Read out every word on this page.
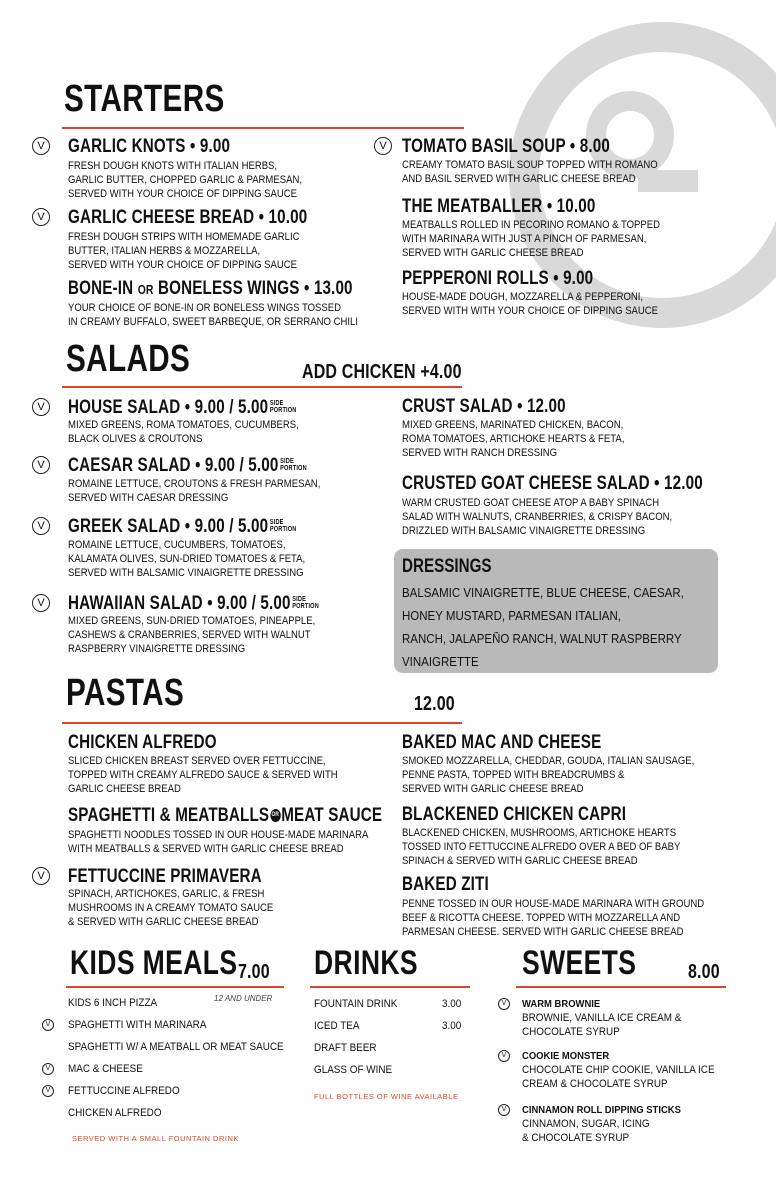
STARTERS
V GARLIC KNOTS • 9.00
FRESH DOUGH KNOTS WITH ITALIAN HERBS,
GARLIC BUTTER, CHOPPED GARLIC & PARMESAN,
SERVED WITH YOUR CHOICE OF DIPPING SAUCE
V GARLIC CHEESE BREAD • 10.00
FRESH DOUGH STRIPS WITH HOMEMADE GARLIC
BUTTER, ITALIAN HERBS & MOZZARELLA,
SERVED WITH YOUR CHOICE OF DIPPING SAUCE
BONE-IN OR BONELESS WINGS • 13.00
YOUR CHOICE OF BONE-IN OR BONELESS WINGS TOSSED
IN CREAMY BUFFALO, SWEET BARBEQUE, OR SERRANO CHILI
V TOMATO BASIL SOUP • 8.00
CREAMY TOMATO BASIL SOUP TOPPED WITH ROMANO
AND BASIL SERVED WITH GARLIC CHEESE BREAD
THE MEATBALLER • 10.00
MEATBALLS ROLLED IN PECORINO ROMANO & TOPPED
WITH MARINARA WITH JUST A PINCH OF PARMESAN,
SERVED WITH GARLIC CHEESE BREAD
PEPPERONI ROLLS • 9.00
HOUSE-MADE DOUGH, MOZZARELLA & PEPPERONI,
SERVED WITH WITH YOUR CHOICE OF DIPPING SAUCE
SALADS	ADD CHICKEN +4.00
V HOUSE SALAD • 9.00 / 5.00 SIDE
PORTION
MIXED GREENS, ROMA TOMATOES, CUCUMBERS,
BLACK OLIVES & CROUTONS
V CAESAR SALAD • 9.00 / 5.00 SIDE
PORTION
ROMAINE LETTUCE, CROUTONS & FRESH PARMESAN,
SERVED WITH CAESAR DRESSING
V GREEK SALAD • 9.00 / 5.00 SIDE
PORTION
ROMAINE LETTUCE, CUCUMBERS, TOMATOES,
KALAMATA OLIVES, SUN-DRIED TOMATOES & FETA,
SERVED WITH BALSAMIC VINAIGRETTE DRESSING
V HAWAIIAN SALAD • 9.00 / 5.00 SIDE
PORTION
MIXED GREENS, SUN-DRIED TOMATOES, PINEAPPLE,
CASHEWS & CRANBERRIES, SERVED WITH WALNUT
RASPBERRY VINAIGRETTE DRESSING
CRUST SALAD • 12.00
MIXED GREENS, MARINATED CHICKEN, BACON,
ROMA TOMATOES, ARTICHOKE HEARTS & FETA,
SERVED WITH RANCH DRESSING
CRUSTED GOAT CHEESE SALAD • 12.00
WARM CRUSTED GOAT CHEESE ATOP A BABY SPINACH
SALAD WITH WALNUTS, CRANBERRIES, & CRISPY BACON,
DRIZZLED WITH BALSAMIC VINAIGRETTE DRESSING
DRESSINGS
BALSAMIC VINAIGRETTE, BLUE CHEESE, CAESAR,
HONEY MUSTARD, PARMESAN ITALIAN,
RANCH, JALAPEÑO RANCH, WALNUT RASPBERRY
VINAIGRETTE
PASTAS	12.00
CHICKEN ALFREDO
SLICED CHICKEN BREAST SERVED OVER FETTUCCINE,
TOPPED WITH CREAMY ALFREDO SAUCE & SERVED WITH
GARLIC CHEESE BREAD
SPAGHETTI & MEATBALLS OR MEAT SAUCE
SPAGHETTI NOODLES TOSSED IN OUR HOUSE-MADE MARINARA
WITH MEATBALLS & SERVED WITH GARLIC CHEESE BREAD
V FETTUCCINE PRIMAVERA
SPINACH, ARTICHOKES, GARLIC, & FRESH
MUSHROOMS IN A CREAMY TOMATO SAUCE
& SERVED WITH GARLIC CHEESE BREAD
BAKED MAC AND CHEESE
SMOKED MOZZARELLA, CHEDDAR, GOUDA, ITALIAN SAUSAGE,
PENNE PASTA, TOPPED WITH BREADCRUMBS &
SERVED WITH GARLIC CHEESE BREAD
BLACKENED CHICKEN CAPRI
BLACKENED CHICKEN, MUSHROOMS, ARTICHOKE HEARTS
TOSSED INTO FETTUCCINE ALFREDO OVER A BED OF BABY
SPINACH & SERVED WITH GARLIC CHEESE BREAD
BAKED ZITI
PENNE TOSSED IN OUR HOUSE-MADE MARINARA WITH GROUND
BEEF & RICOTTA CHEESE. TOPPED WITH MOZZARELLA AND
PARMESAN CHEESE. SERVED WITH GARLIC CHEESE BREAD
KIDS MEALS 7.00
12 AND UNDER
KIDS 6 INCH PIZZA
V	SPAGHETTI WITH MARINARA
SPAGHETTI W/ A MEATBALL OR MEAT SAUCE
V	MAC & CHEESE
V	FETTUCCINE ALFREDO
CHICKEN ALFREDO
SERVED WITH A SMALL FOUNTAIN DRINK
DRINKS
FOUNTAIN DRINK	3.00
ICED TEA	3.00
DRAFT BEER
GLASS OF WINE
FULL BOTTLES OF WINE AVAILABLE
SWEETS	8.00
V	WARM BROWNIE
BROWNIE, VANILLA ICE CREAM &
CHOCOLATE SYRUP
V	COOKIE MONSTER
CHOCOLATE CHIP COOKIE, VANILLA ICE
CREAM & CHOCOLATE SYRUP
V	CINNAMON ROLL DIPPING STICKS
CINNAMON, SUGAR, ICING
& CHOCOLATE SYRUP
